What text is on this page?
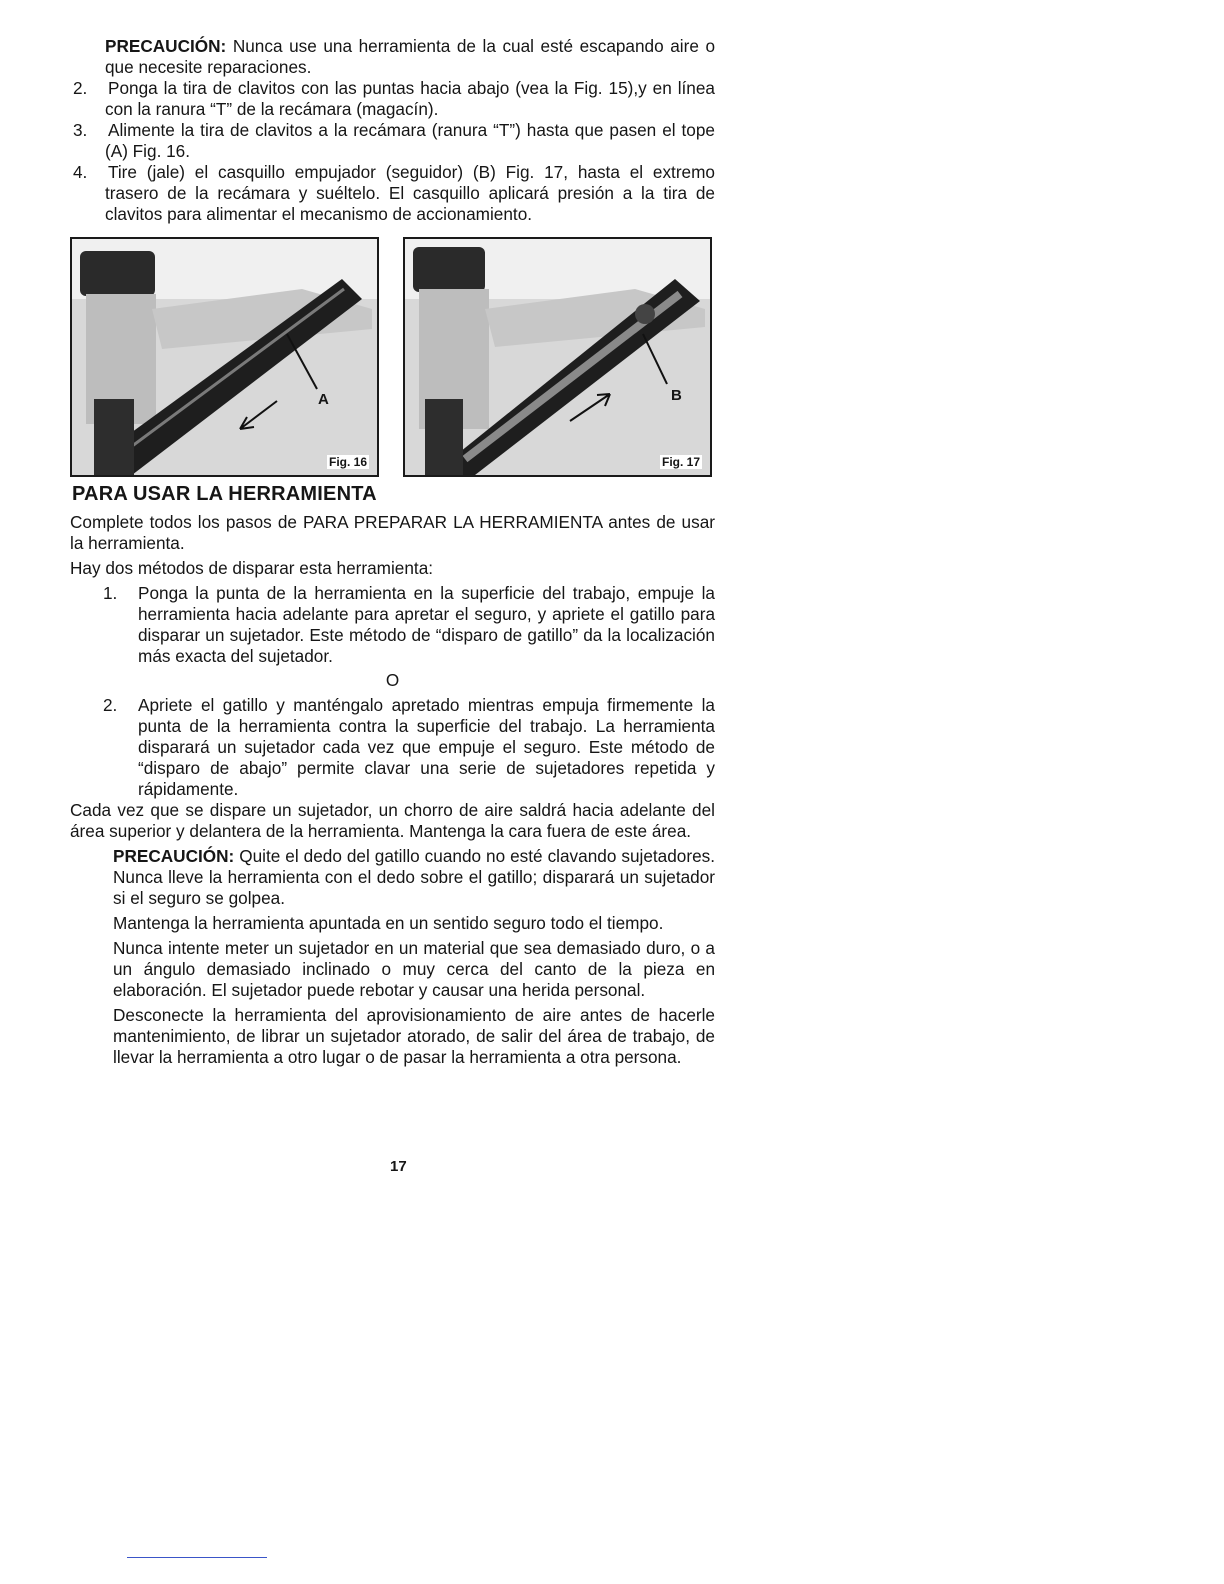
PRECAUCIÓN: Nunca use una herramienta de la cual esté escapando aire o que necesite reparaciones.

2. Ponga la tira de clavitos con las puntas hacia abajo (vea la Fig. 15),y en línea con la ranura “T” de la recámara (magacín).

3. Alimente la tira de clavitos a la recámara (ranura “T”) hasta que pasen el tope (A) Fig. 16.

4. Tire (jale) el casquillo empujador (seguidor) (B) Fig. 17, hasta el extremo trasero de la recámara y suéltelo. El casquillo aplicará presión a la tira de clavitos para alimentar el mecanismo de accionamiento.

A
Fig. 16
B
Fig. 17
PARA USAR LA HERRAMIENTA

Complete todos los pasos de PARA PREPARAR LA HERRAMIENTA antes de usar la herramienta.

Hay dos métodos de disparar esta herramienta:

1. Ponga la punta de la herramienta en la superficie del trabajo, empuje la herramienta hacia adelante para apretar el seguro, y apriete el gatillo para disparar un sujetador. Este método de “disparo de gatillo” da la localización más exacta del sujetador.

O

2. Apriete el gatillo y manténgalo apretado mientras empuja firmemente la punta de la herramienta contra la superficie del trabajo. La herramienta disparará un sujetador cada vez que empuje el seguro. Este método de “disparo de abajo” permite clavar una serie de sujetadores repetida y rápidamente.

Cada vez que se dispare un sujetador, un chorro de aire saldrá hacia adelante del área superior y delantera de la herramienta. Mantenga la cara fuera de este área.

PRECAUCIÓN: Quite el dedo del gatillo cuando no esté clavando sujetadores. Nunca lleve la herramienta con el dedo sobre el gatillo; disparará un sujetador si el seguro se golpea.

Mantenga la herramienta apuntada en un sentido seguro todo el tiempo.

Nunca intente meter un sujetador en un material que sea demasiado duro, o a un ángulo demasiado inclinado o muy cerca del canto de la pieza en elaboración. El sujetador puede rebotar y causar una herida personal.

Desconecte la herramienta del aprovisionamiento de aire antes de hacerle mantenimiento, de librar un sujetador atorado, de salir del área de trabajo, de llevar la herramienta a otro lugar o de pasar la herramienta a otra persona.

17
